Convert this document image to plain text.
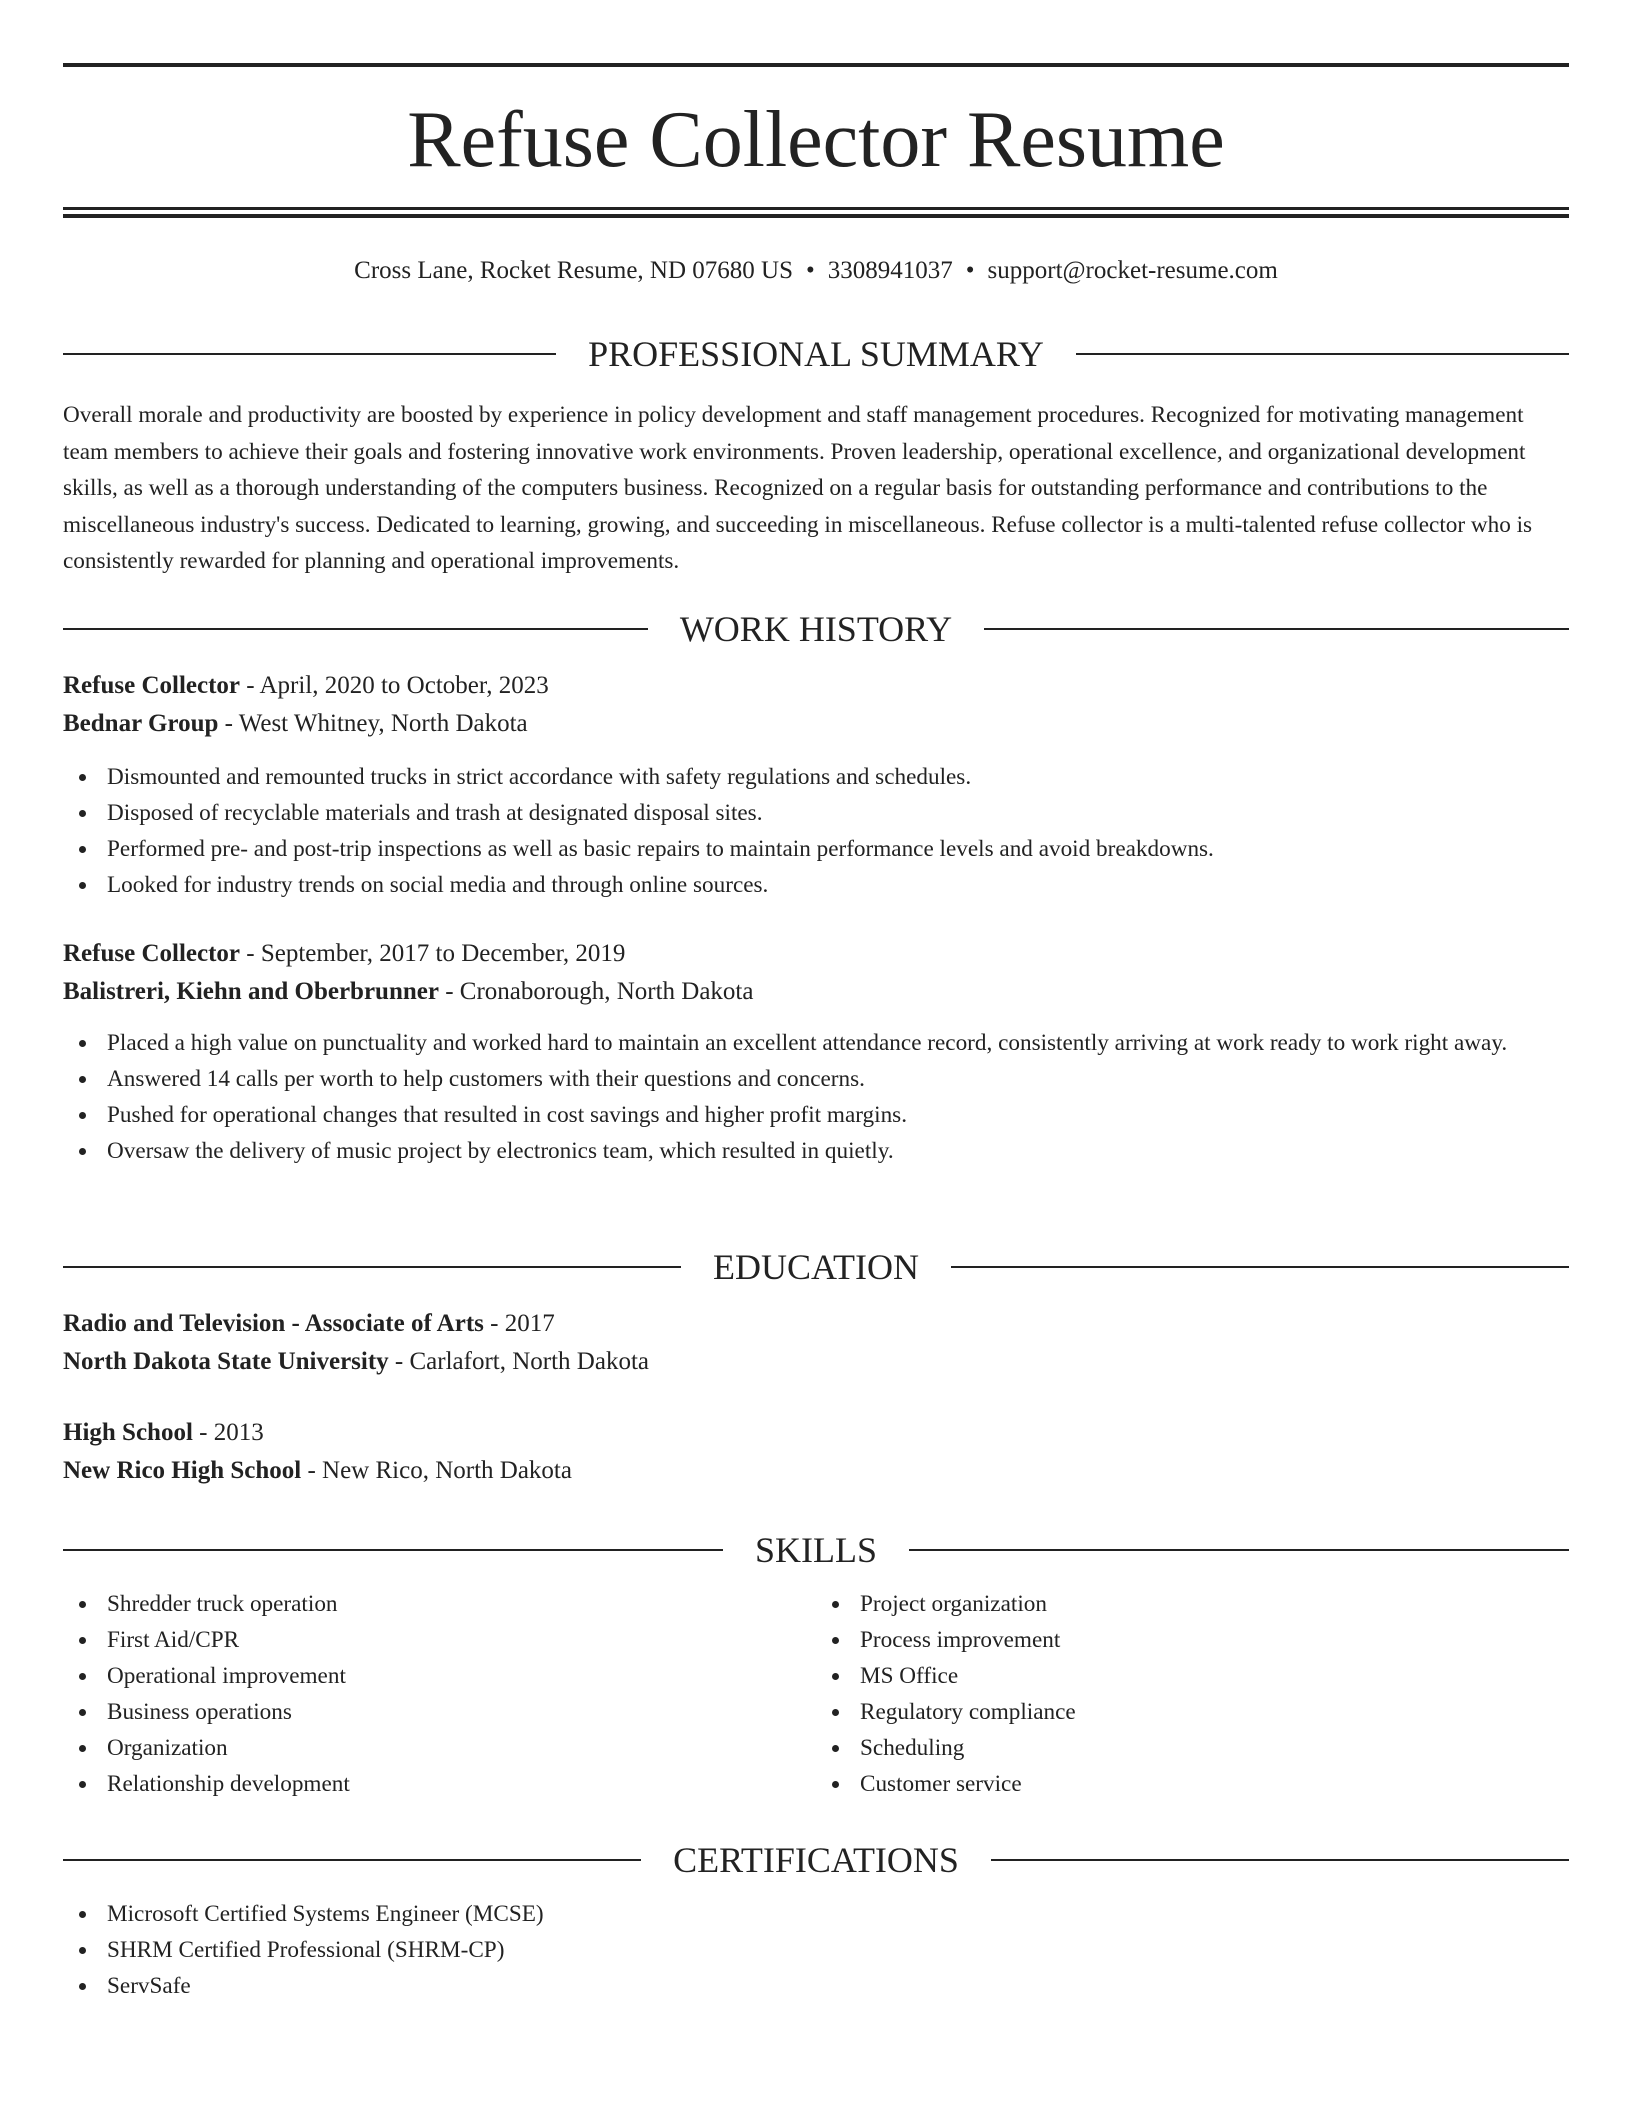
Refuse Collector Resume
Cross Lane, Rocket Resume, ND 07680 US • 3308941037 • support@rocket-resume.com
PROFESSIONAL SUMMARY

Overall morale and productivity are boosted by experience in policy development and staff management procedures. Recognized for motivating management team members to achieve their goals and fostering innovative work environments. Proven leadership, operational excellence, and organizational development skills, as well as a thorough understanding of the computers business. Recognized on a regular basis for outstanding performance and contributions to the miscellaneous industry's success. Dedicated to learning, growing, and succeeding in miscellaneous. Refuse collector is a multi-talented refuse collector who is consistently rewarded for planning and operational improvements.

WORK HISTORY
Refuse Collector - April, 2020 to October, 2023
Bednar Group - West Whitney, North Dakota
Dismounted and remounted trucks in strict accordance with safety regulations and schedules.
Disposed of recyclable materials and trash at designated disposal sites.
Performed pre- and post-trip inspections as well as basic repairs to maintain performance levels and avoid breakdowns.
Looked for industry trends on social media and through online sources.
Refuse Collector - September, 2017 to December, 2019
Balistreri, Kiehn and Oberbrunner - Cronaborough, North Dakota
Placed a high value on punctuality and worked hard to maintain an excellent attendance record, consistently arriving at work ready to work right away.
Answered 14 calls per worth to help customers with their questions and concerns.
Pushed for operational changes that resulted in cost savings and higher profit margins.
Oversaw the delivery of music project by electronics team, which resulted in quietly.
EDUCATION
Radio and Television - Associate of Arts - 2017
North Dakota State University - Carlafort, North Dakota
High School - 2013
New Rico High School - New Rico, North Dakota
SKILLS
Shredder truck operation
First Aid/CPR
Operational improvement
Business operations
Organization
Relationship development
Project organization
Process improvement
MS Office
Regulatory compliance
Scheduling
Customer service
CERTIFICATIONS
Microsoft Certified Systems Engineer (MCSE)
SHRM Certified Professional (SHRM-CP)
ServSafe
